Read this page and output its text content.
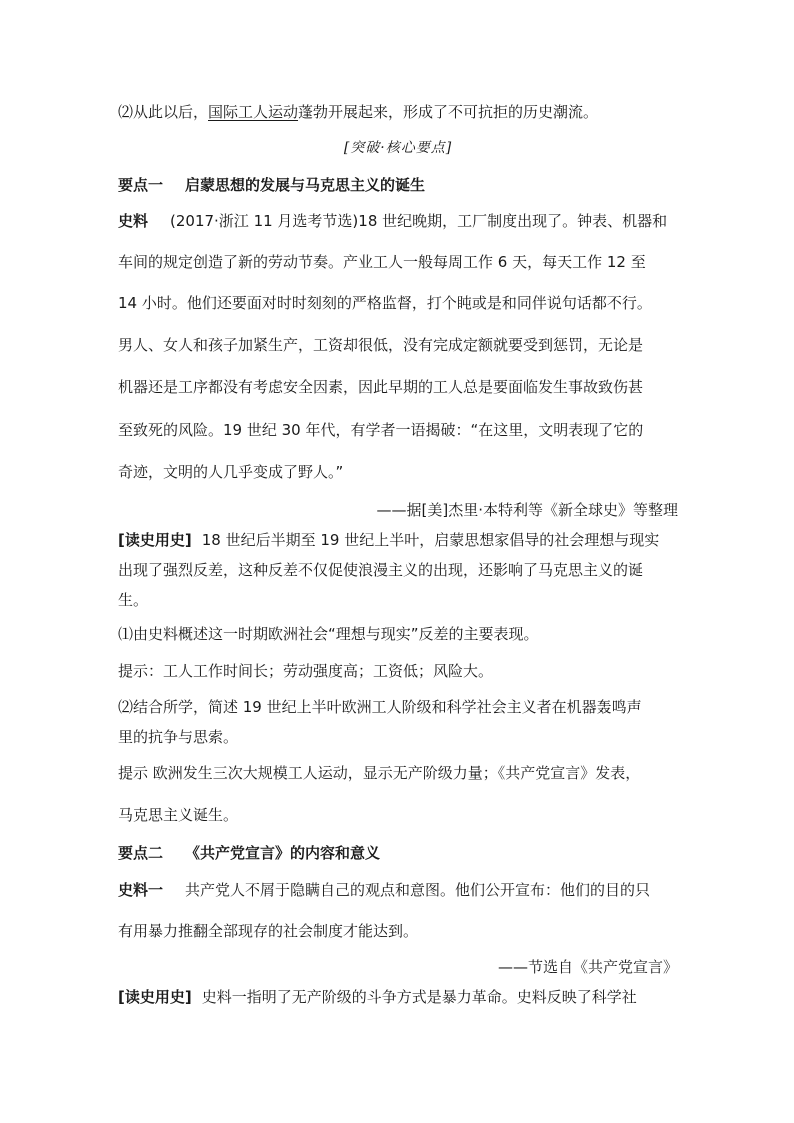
⑵从此以后，国际工人运动蓬勃开展起来，形成了不可抗拒的历史潮流。
[突破·核心要点]
要点一 启蒙思想的发展与马克思主义的诞生
史料 (2017·浙江 11 月选考节选)18 世纪晚期，工厂制度出现了。钟表、机器和
车间的规定创造了新的劳动节奏。产业工人一般每周工作 6 天，每天工作 12 至
14 小时。他们还要面对时时刻刻的严格监督，打个盹或是和同伴说句话都不行。
男人、女人和孩子加紧生产，工资却很低，没有完成定额就要受到惩罚，无论是
机器还是工序都没有考虑安全因素，因此早期的工人总是要面临发生事故致伤甚
至致死的风险。19 世纪 30 年代，有学者一语揭破：“在这里，文明表现了它的
奇迹，文明的人几乎变成了野人。”
——据[美]杰里·本特利等《新全球史》等整理
[读史用史] 18 世纪后半期至 19 世纪上半叶，启蒙思想家倡导的社会理想与现实
出现了强烈反差，这种反差不仅促使浪漫主义的出现，还影响了马克思主义的诞
生。
⑴由史料概述这一时期欧洲社会“理想与现实”反差的主要表现。
提示：工人工作时间长；劳动强度高；工资低；风险大。
⑵结合所学，简述 19 世纪上半叶欧洲工人阶级和科学社会主义者在机器轰鸣声
里的抗争与思索。
提示 欧洲发生三次大规模工人运动，显示无产阶级力量；《共产党宣言》发表，
马克思主义诞生。
要点二 《共产党宣言》的内容和意义
史料一 共产党人不屑于隐瞒自己的观点和意图。他们公开宣布：他们的目的只
有用暴力推翻全部现存的社会制度才能达到。
——节选自《共产党宣言》
[读史用史] 史料一指明了无产阶级的斗争方式是暴力革命。史料反映了科学社
